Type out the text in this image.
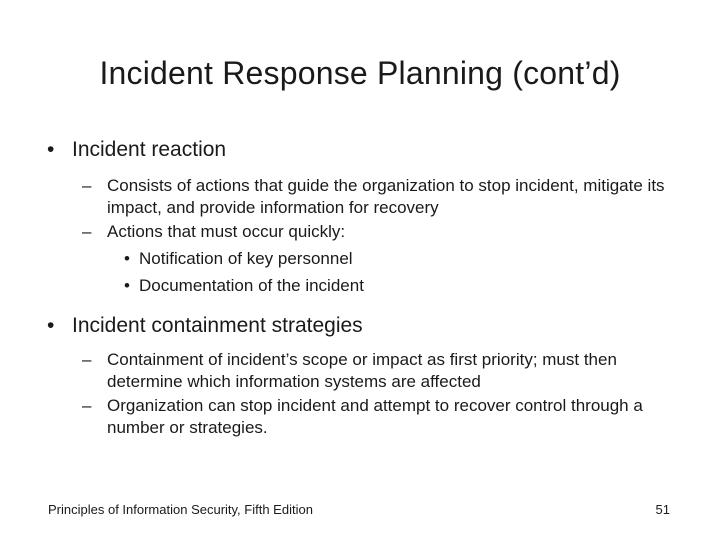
Incident Response Planning (cont’d)
• Incident reaction
– Consists of actions that guide the organization to stop incident, mitigate its impact, and provide information for recovery
– Actions that must occur quickly:
• Notification of key personnel
• Documentation of the incident
• Incident containment strategies
– Containment of incident’s scope or impact as first priority; must then determine which information systems are affected
– Organization can stop incident and attempt to recover control through a number or strategies.
Principles of Information Security, Fifth Edition	51
